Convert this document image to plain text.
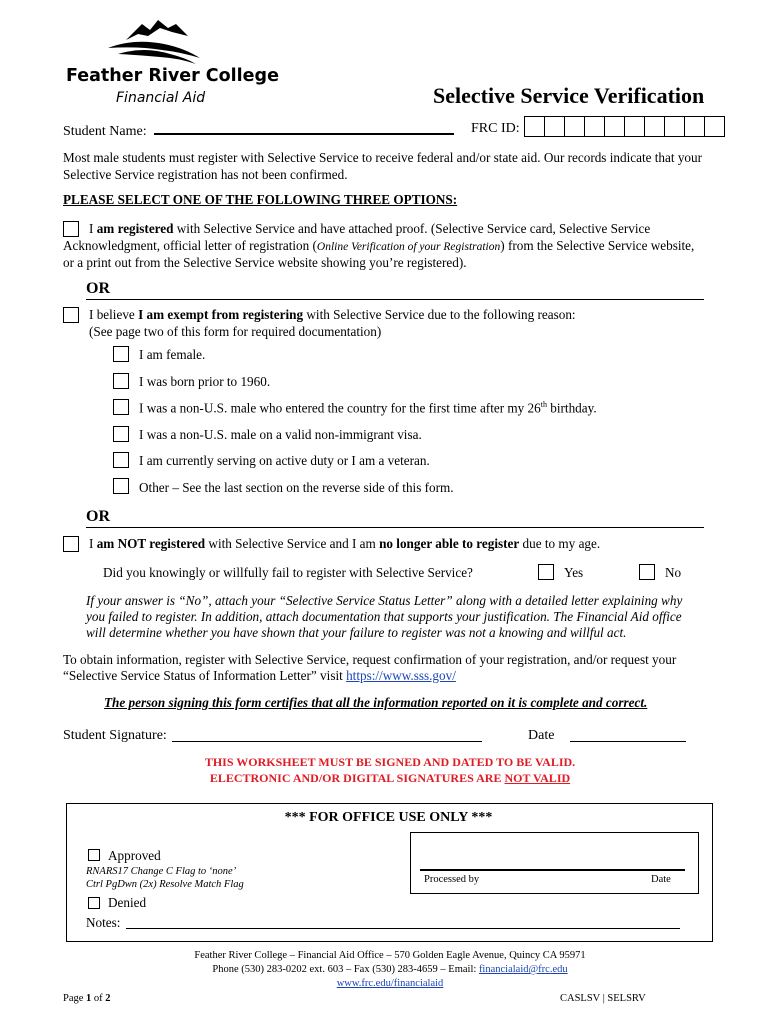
Feather River College
Financial Aid	Selective Service Verification
Student Name:	FRC ID:
Most male students must register with Selective Service to receive federal and/or state aid. Our records indicate that your Selective Service registration has not been confirmed.
PLEASE SELECT ONE OF THE FOLLOWING THREE OPTIONS:
I am registered with Selective Service and have attached proof. (Selective Service card, Selective Service
Acknowledgment, official letter of registration (Online Verification of your Registration) from the Selective Service website,
or a print out from the Selective Service website showing you’re registered).
OR
I believe I am exempt from registering with Selective Service due to the following reason:
(See page two of this form for required documentation)
I am female.
I was born prior to 1960.
I was a non-U.S. male who entered the country for the first time after my 26th birthday.
I was a non-U.S. male on a valid non-immigrant visa.
I am currently serving on active duty or I am a veteran.
Other – See the last section on the reverse side of this form.
OR
I am NOT registered with Selective Service and I am no longer able to register due to my age.
Did you knowingly or willfully fail to register with Selective Service?	Yes	No
If your answer is “No”, attach your “Selective Service Status Letter” along with a detailed letter explaining why
you failed to register. In addition, attach documentation that supports your justification. The Financial Aid office
will determine whether you have shown that your failure to register was not a knowing and willful act.
To obtain information, register with Selective Service, request confirmation of your registration, and/or request your
“Selective Service Status of Information Letter” visit https://www.sss.gov/
The person signing this form certifies that all the information reported on it is complete and correct.
Student Signature:	Date
THIS WORKSHEET MUST BE SIGNED AND DATED TO BE VALID.
ELECTRONIC AND/OR DIGITAL SIGNATURES ARE NOT VALID
*** FOR OFFICE USE ONLY ***
Approved
RNARS17 Change C Flag to ‘none’
Ctrl PgDwn (2x) Resolve Match Flag	Processed by	Date
Denied
Notes:
Feather River College – Financial Aid Office – 570 Golden Eagle Avenue, Quincy CA 95971
Phone (530) 283-0202 ext. 603 – Fax (530) 283-4659 – Email: financialaid@frc.edu
www.frc.edu/financialaid
Page 1 of 2	CASLSV | SELSRV
